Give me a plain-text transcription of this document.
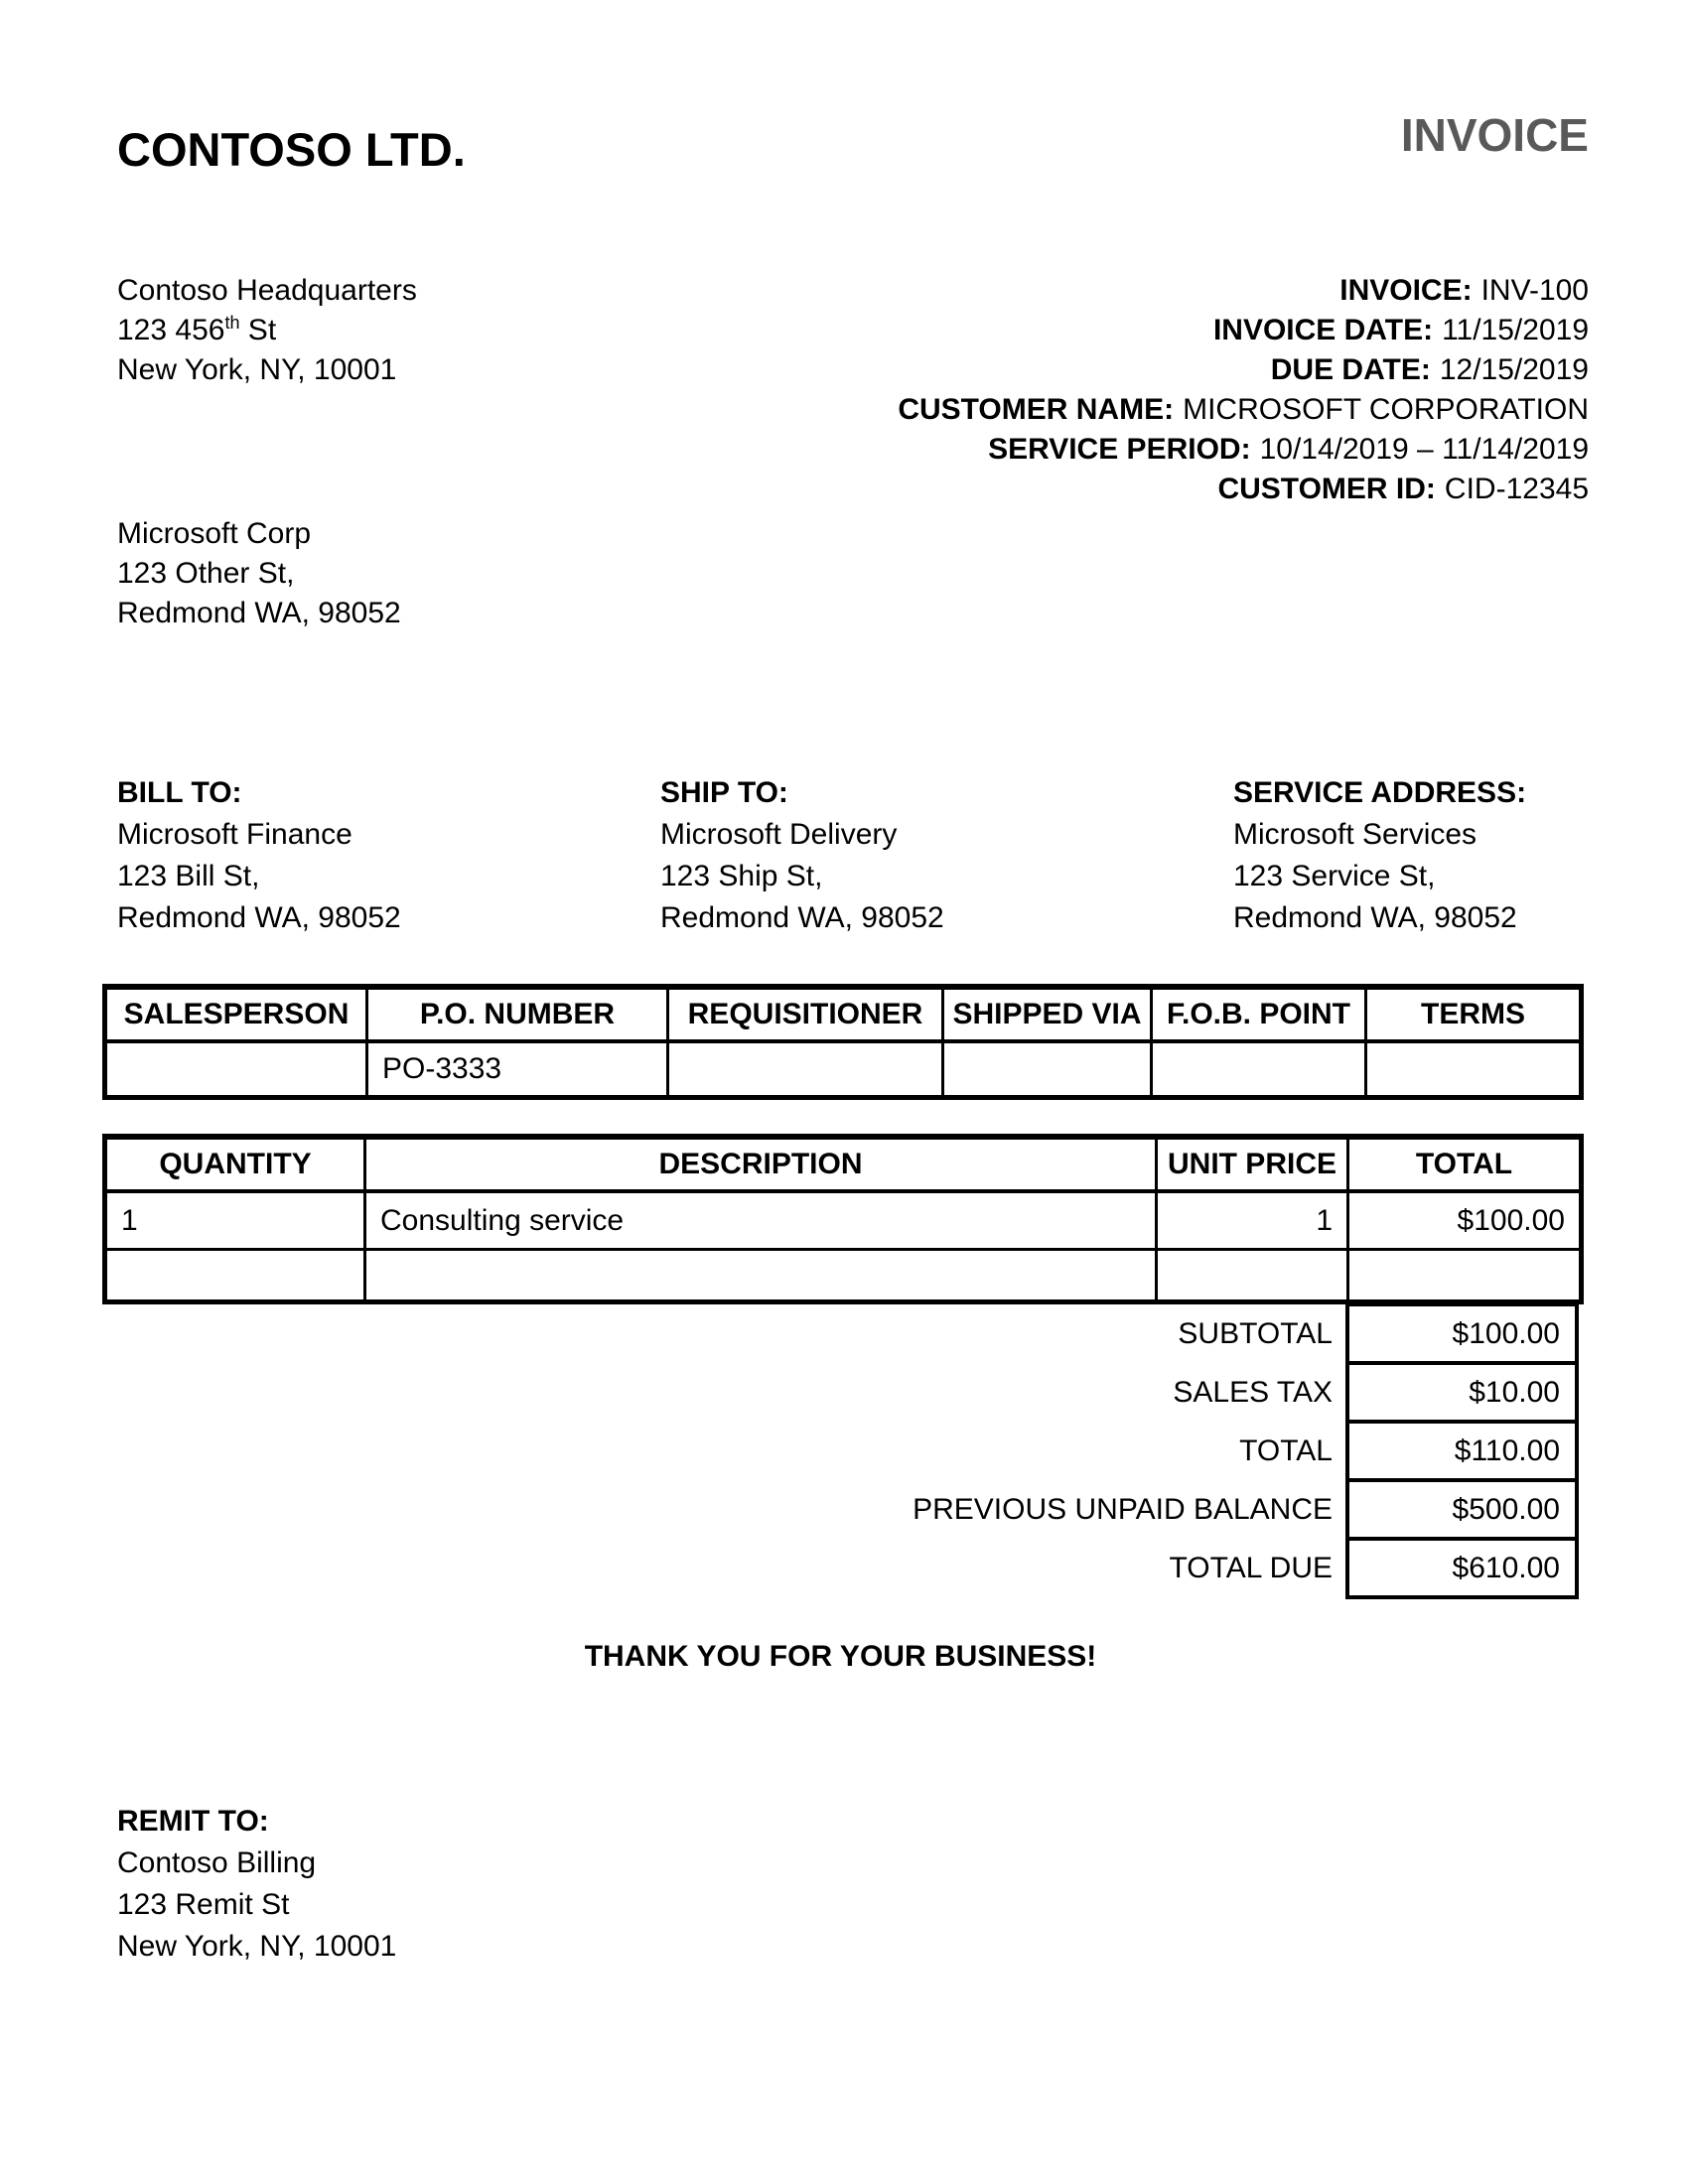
CONTOSO LTD.	INVOICE
Contoso Headquarters
123 456th St
New York, NY, 10001
INVOICE: INV-100
INVOICE DATE: 11/15/2019
DUE DATE: 12/15/2019
CUSTOMER NAME: MICROSOFT CORPORATION
SERVICE PERIOD: 10/14/2019 – 11/14/2019
CUSTOMER ID: CID-12345
Microsoft Corp
123 Other St,
Redmond WA, 98052
BILL TO:
Microsoft Finance
123 Bill St,
Redmond WA, 98052
SHIP TO:
Microsoft Delivery
123 Ship St,
Redmond WA, 98052
SERVICE ADDRESS:
Microsoft Services
123 Service St,
Redmond WA, 98052
SALESPERSON	P.O. NUMBER	REQUISITIONER	SHIPPED VIA	F.O.B. POINT	TERMS
	PO-3333				
QUANTITY	DESCRIPTION	UNIT PRICE	TOTAL
1	Consulting service	1	$100.00

SUBTOTAL	$100.00
SALES TAX	$10.00
TOTAL	$110.00
PREVIOUS UNPAID BALANCE	$500.00
TOTAL DUE	$610.00
THANK YOU FOR YOUR BUSINESS!
REMIT TO:
Contoso Billing
123 Remit St
New York, NY, 10001
